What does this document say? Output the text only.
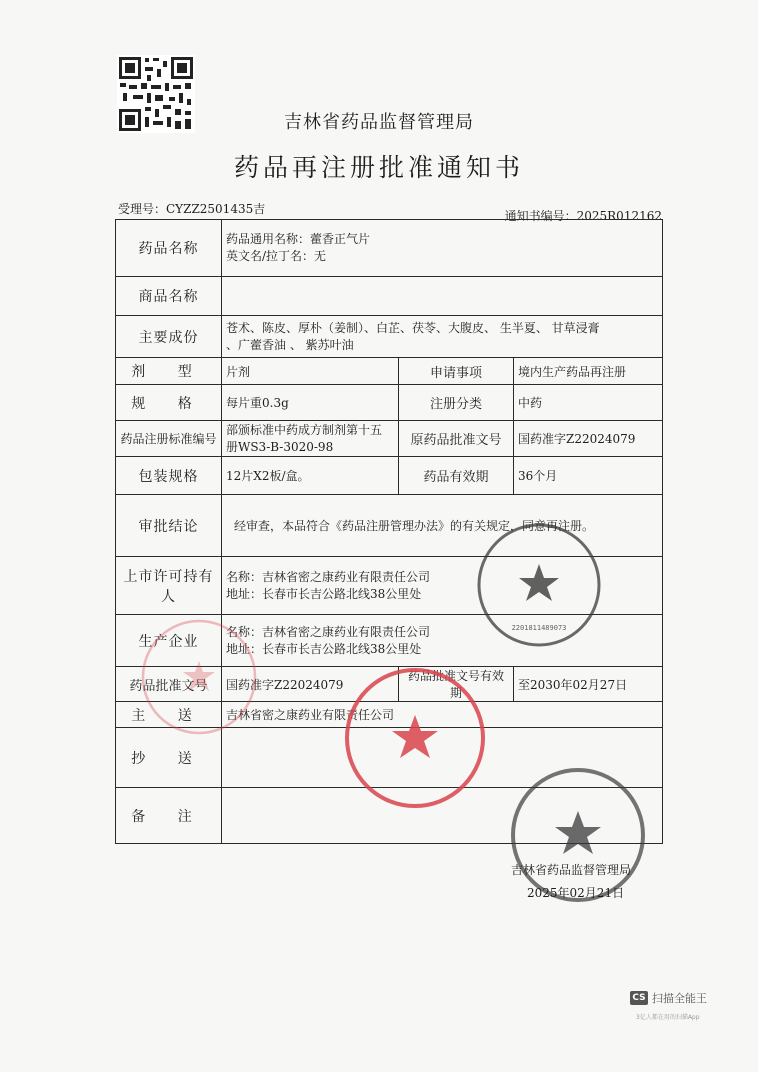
吉林省药品监督管理局
药品再注册批准通知书
受理号：CYZZ2501435吉	通知书编号：2025R012162
药品名称	药品通用名称：藿香正气片
英文名/拉丁名：无		

商品名称			
主要成份	苍术、陈皮、厚朴（姜制）、白芷、茯苓、大腹皮、 生半夏、 甘草浸膏
、广藿香油 、 紫苏叶油		

剂 型	片剂	申请事项	境内生产药品再注册
规 格	每片重0.3g	注册分类	中药
药品注册标准编号	部颁标准中药成方制剂第十五
册WS3-B-3020-98	原药品批准文号	国药准字Z22024079
包装规格	12片X2板/盒。	药品有效期	36个月
审批结论	经审查，本品符合《药品注册管理办法》的有关规定，同意再注册。		
上市许可持有人	名称：吉林省密之康药业有限责任公司
地址：长春市长吉公路北线38公里处		

生产企业	名称：吉林省密之康药业有限责任公司
地址：长春市长吉公路北线38公里处		

药品批准文号	国药准字Z22024079	药品批准文号有效期	至2030年02月27日
主 送	吉林省密之康药业有限责任公司		
抄 送			
备 注			
2201811489073
吉林省药品监督管理局
2025年02月21日
CS 扫描全能王
3亿人都在用的扫描App
